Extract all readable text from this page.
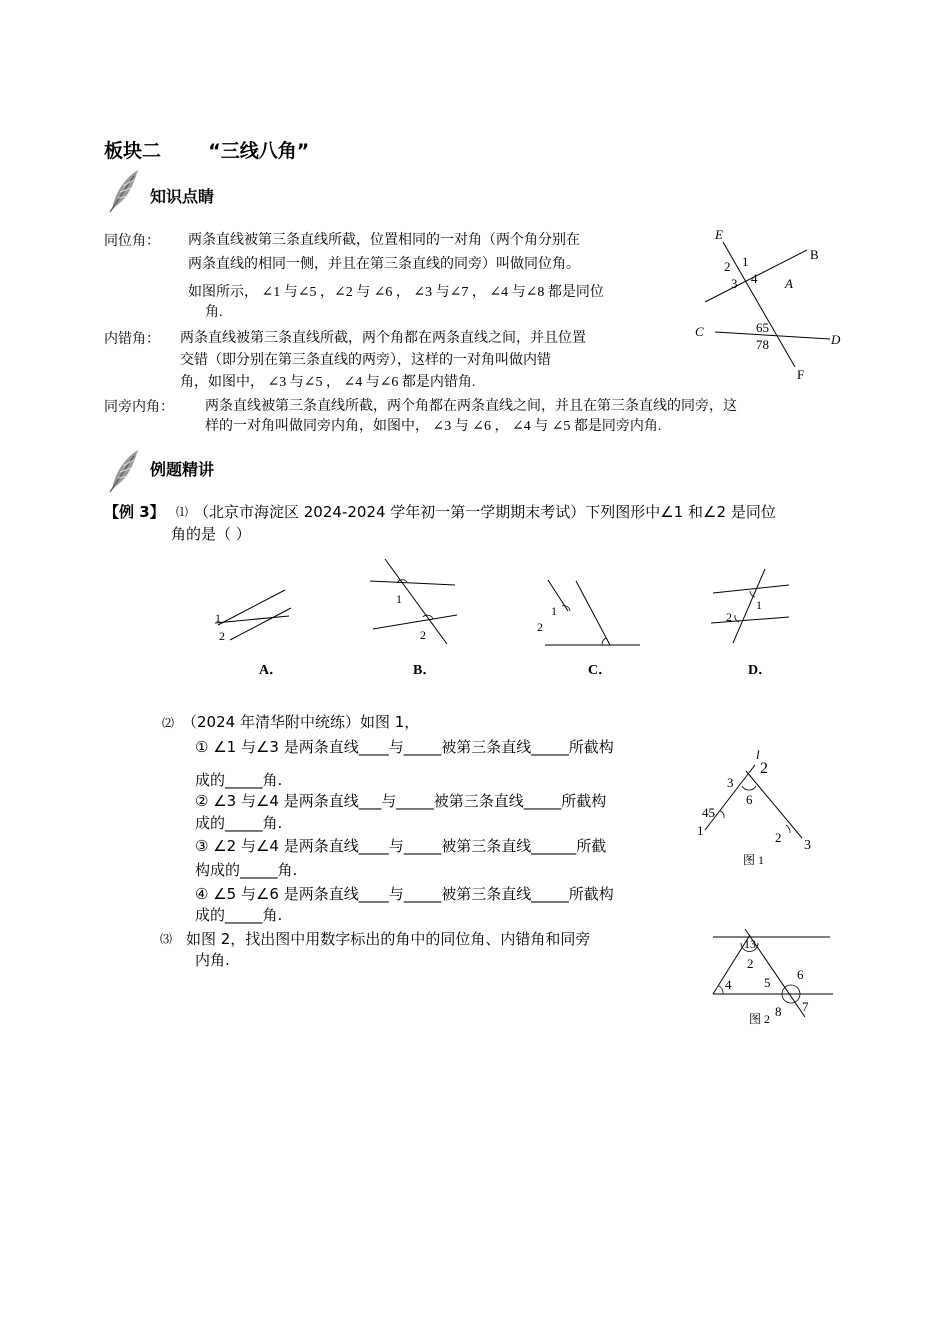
板块二 “三线八角”
知识点睛
同位角： 两条直线被第三条直线所截，位置相同的一对角（两个角分别在
两条直线的相同一侧，并且在第三条直线的同旁）叫做同位角。
如图所示， ∠1 与∠5 ，∠2 与 ∠6 ， ∠3 与∠7 ， ∠4 与∠8 都是同位
角.
内错角： 两条直线被第三条直线所截，两个角都在两条直线之间，并且位置
交错（即分别在第三条直线的两旁），这样的一对角叫做内错
角，如图中， ∠3 与∠5 ， ∠4 与∠6 都是内错角.
同旁内角： 两条直线被第三条直线所截，两个角都在两条直线之间，并且在第三条直线的同旁，这
样的一对角叫做同旁内角，如图中， ∠3 与 ∠6 ， ∠4 与 ∠5 都是同旁内角.
E
B
A
C
D
F
1
2
3 4
65
78
例题精讲
【例 3】 ⑴ （北京市海淀区 2024-2024 学年初一第一学期期末考试）下列图形中∠1 和∠2 是同位
角的是（ ）
1
2
A．
1
2
B．
1
2
C．
1
2
D．
⑵ （2024 年清华附中统练）如图 1，
① ∠1 与∠3 是两条直线____与_____被第三条直线_____所截构
成的_____角.
② ∠3 与∠4 是两条直线___与_____被第三条直线_____所截构
成的_____角.
③ ∠2 与∠4 是两条直线____与_____被第三条直线______所截
构成的_____角.
④ ∠5 与∠6 是两条直线____与_____被第三条直线_____所截构
成的_____角.
l
2
3
6
45
1	2
3
图 1
⑶ 如图 2，找出图中用数字标出的角中的同位角、内错角和同旁
内角.
13
2
4	5
6
7
8
图 2
